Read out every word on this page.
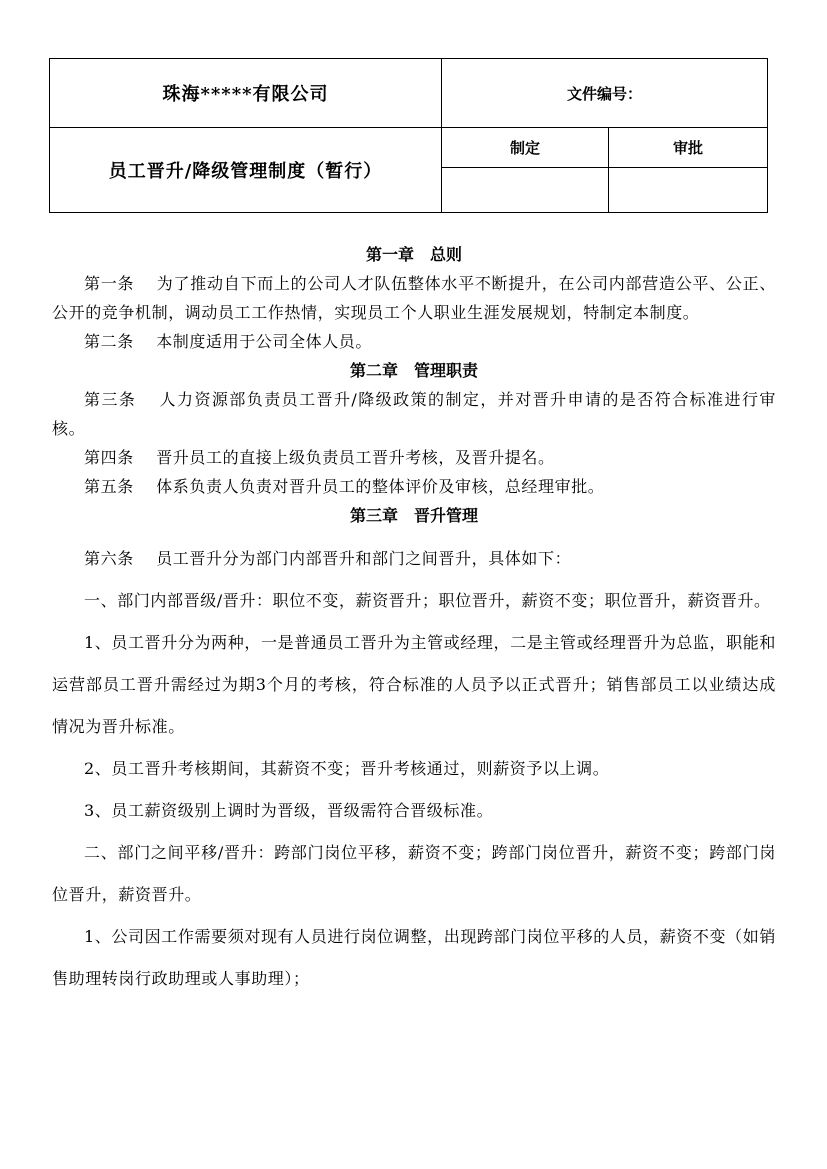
珠海*****有限公司	文件编号：	
员工晋升/降级管理制度（暂行）	制定	审批

第一章　总则

第一条 为了推动自下而上的公司人才队伍整体水平不断提升，在公司内部营造公平、公正、公开的竞争机制，调动员工工作热情，实现员工个人职业生涯发展规划，特制定本制度。

第二条 本制度适用于公司全体人员。

第二章　管理职责

第三条 人力资源部负责员工晋升/降级政策的制定，并对晋升申请的是否符合标准进行审核。

第四条 晋升员工的直接上级负责员工晋升考核，及晋升提名。

第五条 体系负责人负责对晋升员工的整体评价及审核，总经理审批。

第三章　晋升管理

第六条 员工晋升分为部门内部晋升和部门之间晋升，具体如下：

一、部门内部晋级/晋升：职位不变，薪资晋升；职位晋升，薪资不变；职位晋升，薪资晋升。

1、员工晋升分为两种，一是普通员工晋升为主管或经理，二是主管或经理晋升为总监，职能和运营部员工晋升需经过为期3个月的考核，符合标准的人员予以正式晋升；销售部员工以业绩达成情况为晋升标准。

2、员工晋升考核期间，其薪资不变；晋升考核通过，则薪资予以上调。

3、员工薪资级别上调时为晋级，晋级需符合晋级标准。

二、部门之间平移/晋升：跨部门岗位平移，薪资不变；跨部门岗位晋升，薪资不变；跨部门岗位晋升，薪资晋升。

1、公司因工作需要须对现有人员进行岗位调整，出现跨部门岗位平移的人员，薪资不变（如销售助理转岗行政助理或人事助理）；
